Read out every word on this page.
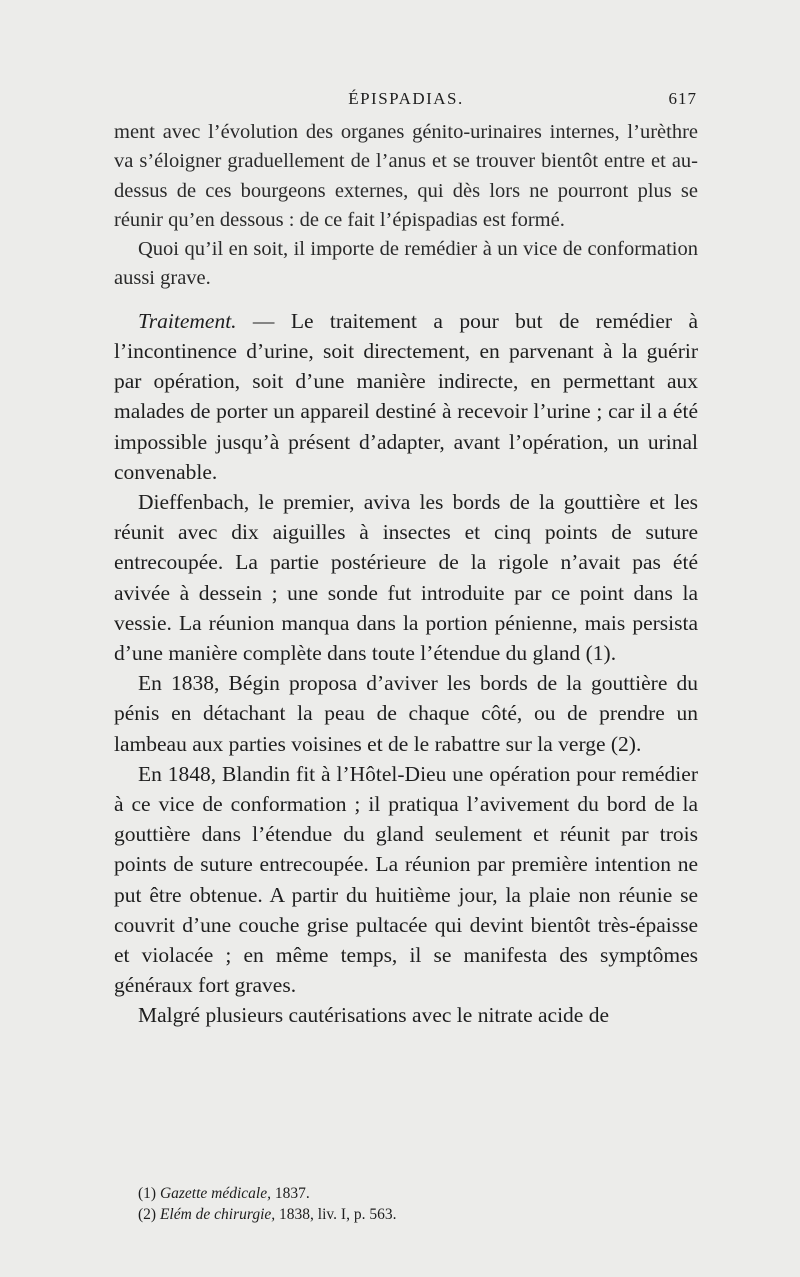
ÉPISPADIAS.	617

ment avec l’évolution des organes génito-urinaires internes, l’urèthre va s’éloigner graduellement de l’anus et se trouver bientôt entre et au-dessus de ces bourgeons externes, qui dès lors ne pourront plus se réunir qu’en dessous : de ce fait l’épispadias est formé.

Quoi qu’il en soit, il importe de remédier à un vice de conformation aussi grave.

Traitement. — Le traitement a pour but de remédier à l’incontinence d’urine, soit directement, en parvenant à la guérir par opération, soit d’une manière indirecte, en permettant aux malades de porter un appareil destiné à recevoir l’urine ; car il a été impossible jusqu’à présent d’adapter, avant l’opération, un urinal convenable.

Dieffenbach, le premier, aviva les bords de la gouttière et les réunit avec dix aiguilles à insectes et cinq points de suture entrecoupée. La partie postérieure de la rigole n’avait pas été avivée à dessein ; une sonde fut introduite par ce point dans la vessie. La réunion manqua dans la portion pénienne, mais persista d’une manière complète dans toute l’étendue du gland (1).

En 1838, Bégin proposa d’aviver les bords de la gouttière du pénis en détachant la peau de chaque côté, ou de prendre un lambeau aux parties voisines et de le rabattre sur la verge (2).

En 1848, Blandin fit à l’Hôtel-Dieu une opération pour remédier à ce vice de conformation ; il pratiqua l’avivement du bord de la gouttière dans l’étendue du gland seulement et réunit par trois points de suture entrecoupée. La réunion par première intention ne put être obtenue. A partir du huitième jour, la plaie non réunie se couvrit d’une couche grise pultacée qui devint bientôt très-épaisse et violacée ; en même temps, il se manifesta des symptômes généraux fort graves.

Malgré plusieurs cautérisations avec le nitrate acide de

(1) Gazette médicale, 1837.

(2) Elém de chirurgie, 1838, liv. I, p. 563.
